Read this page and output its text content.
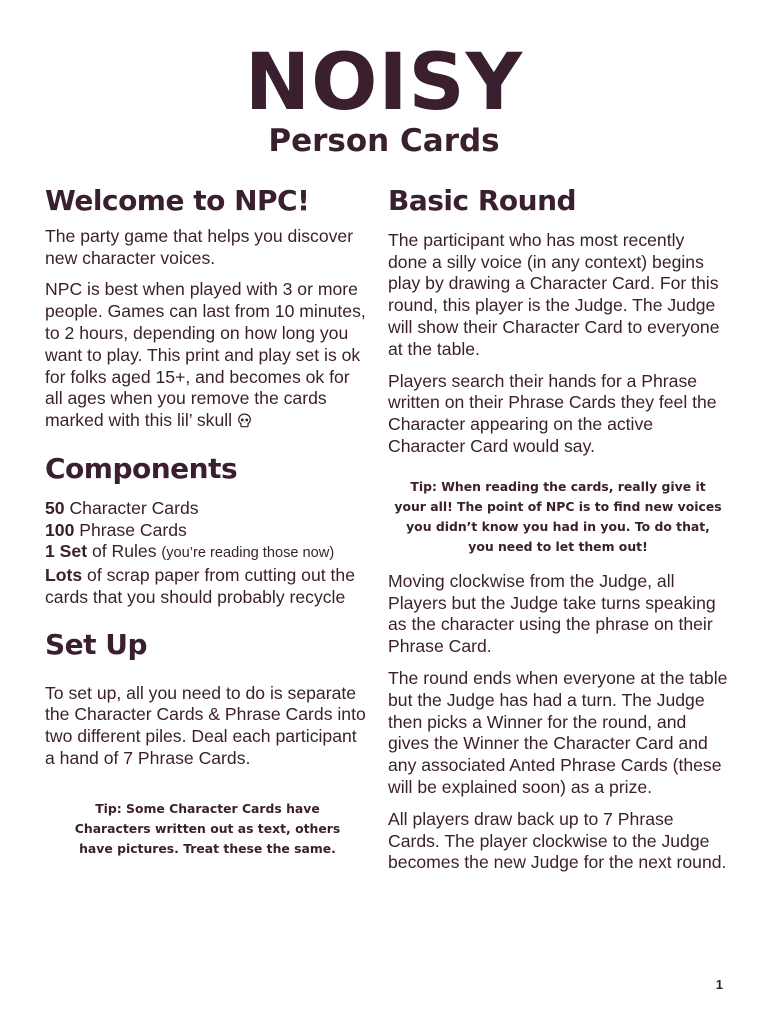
NOISY
Person Cards
Welcome to NPC!

The party game that helps you discover new character voices.

NPC is best when played with 3 or more people. Games can last from 10 minutes, to 2 hours, depending on how long you want to play. This print and play set is ok for folks aged 15+, and becomes ok for all ages when you remove the cards marked with this lil’ skull

Components

50 Character Cards

100 Phrase Cards

1 Set of Rules (you’re reading those now)

Lots of scrap paper from cutting out the cards that you should probably recycle

Set Up

To set up, all you need to do is separate the Character Cards & Phrase Cards into two different piles. Deal each participant a hand of 7 Phrase Cards.

Tip: Some Character Cards have Characters written out as text, others have pictures. Treat these the same.
Basic Round

The participant who has most recently done a silly voice (in any context) begins play by drawing a Character Card. For this round, this player is the Judge. The Judge will show their Character Card to everyone at the table.

Players search their hands for a Phrase written on their Phrase Cards they feel the Character appearing on the active Character Card would say.

Tip: When reading the cards, really give it your all! The point of NPC is to find new voices you didn’t know you had in you. To do that, you need to let them out!

Moving clockwise from the Judge, all Players but the Judge take turns speaking as the character using the phrase on their Phrase Card.

The round ends when everyone at the table but the Judge has had a turn. The Judge then picks a Winner for the round, and gives the Winner the Character Card and any associated Anted Phrase Cards (these will be explained soon) as a prize.

All players draw back up to 7 Phrase Cards. The player clockwise to the Judge becomes the new Judge for the next round.

1
